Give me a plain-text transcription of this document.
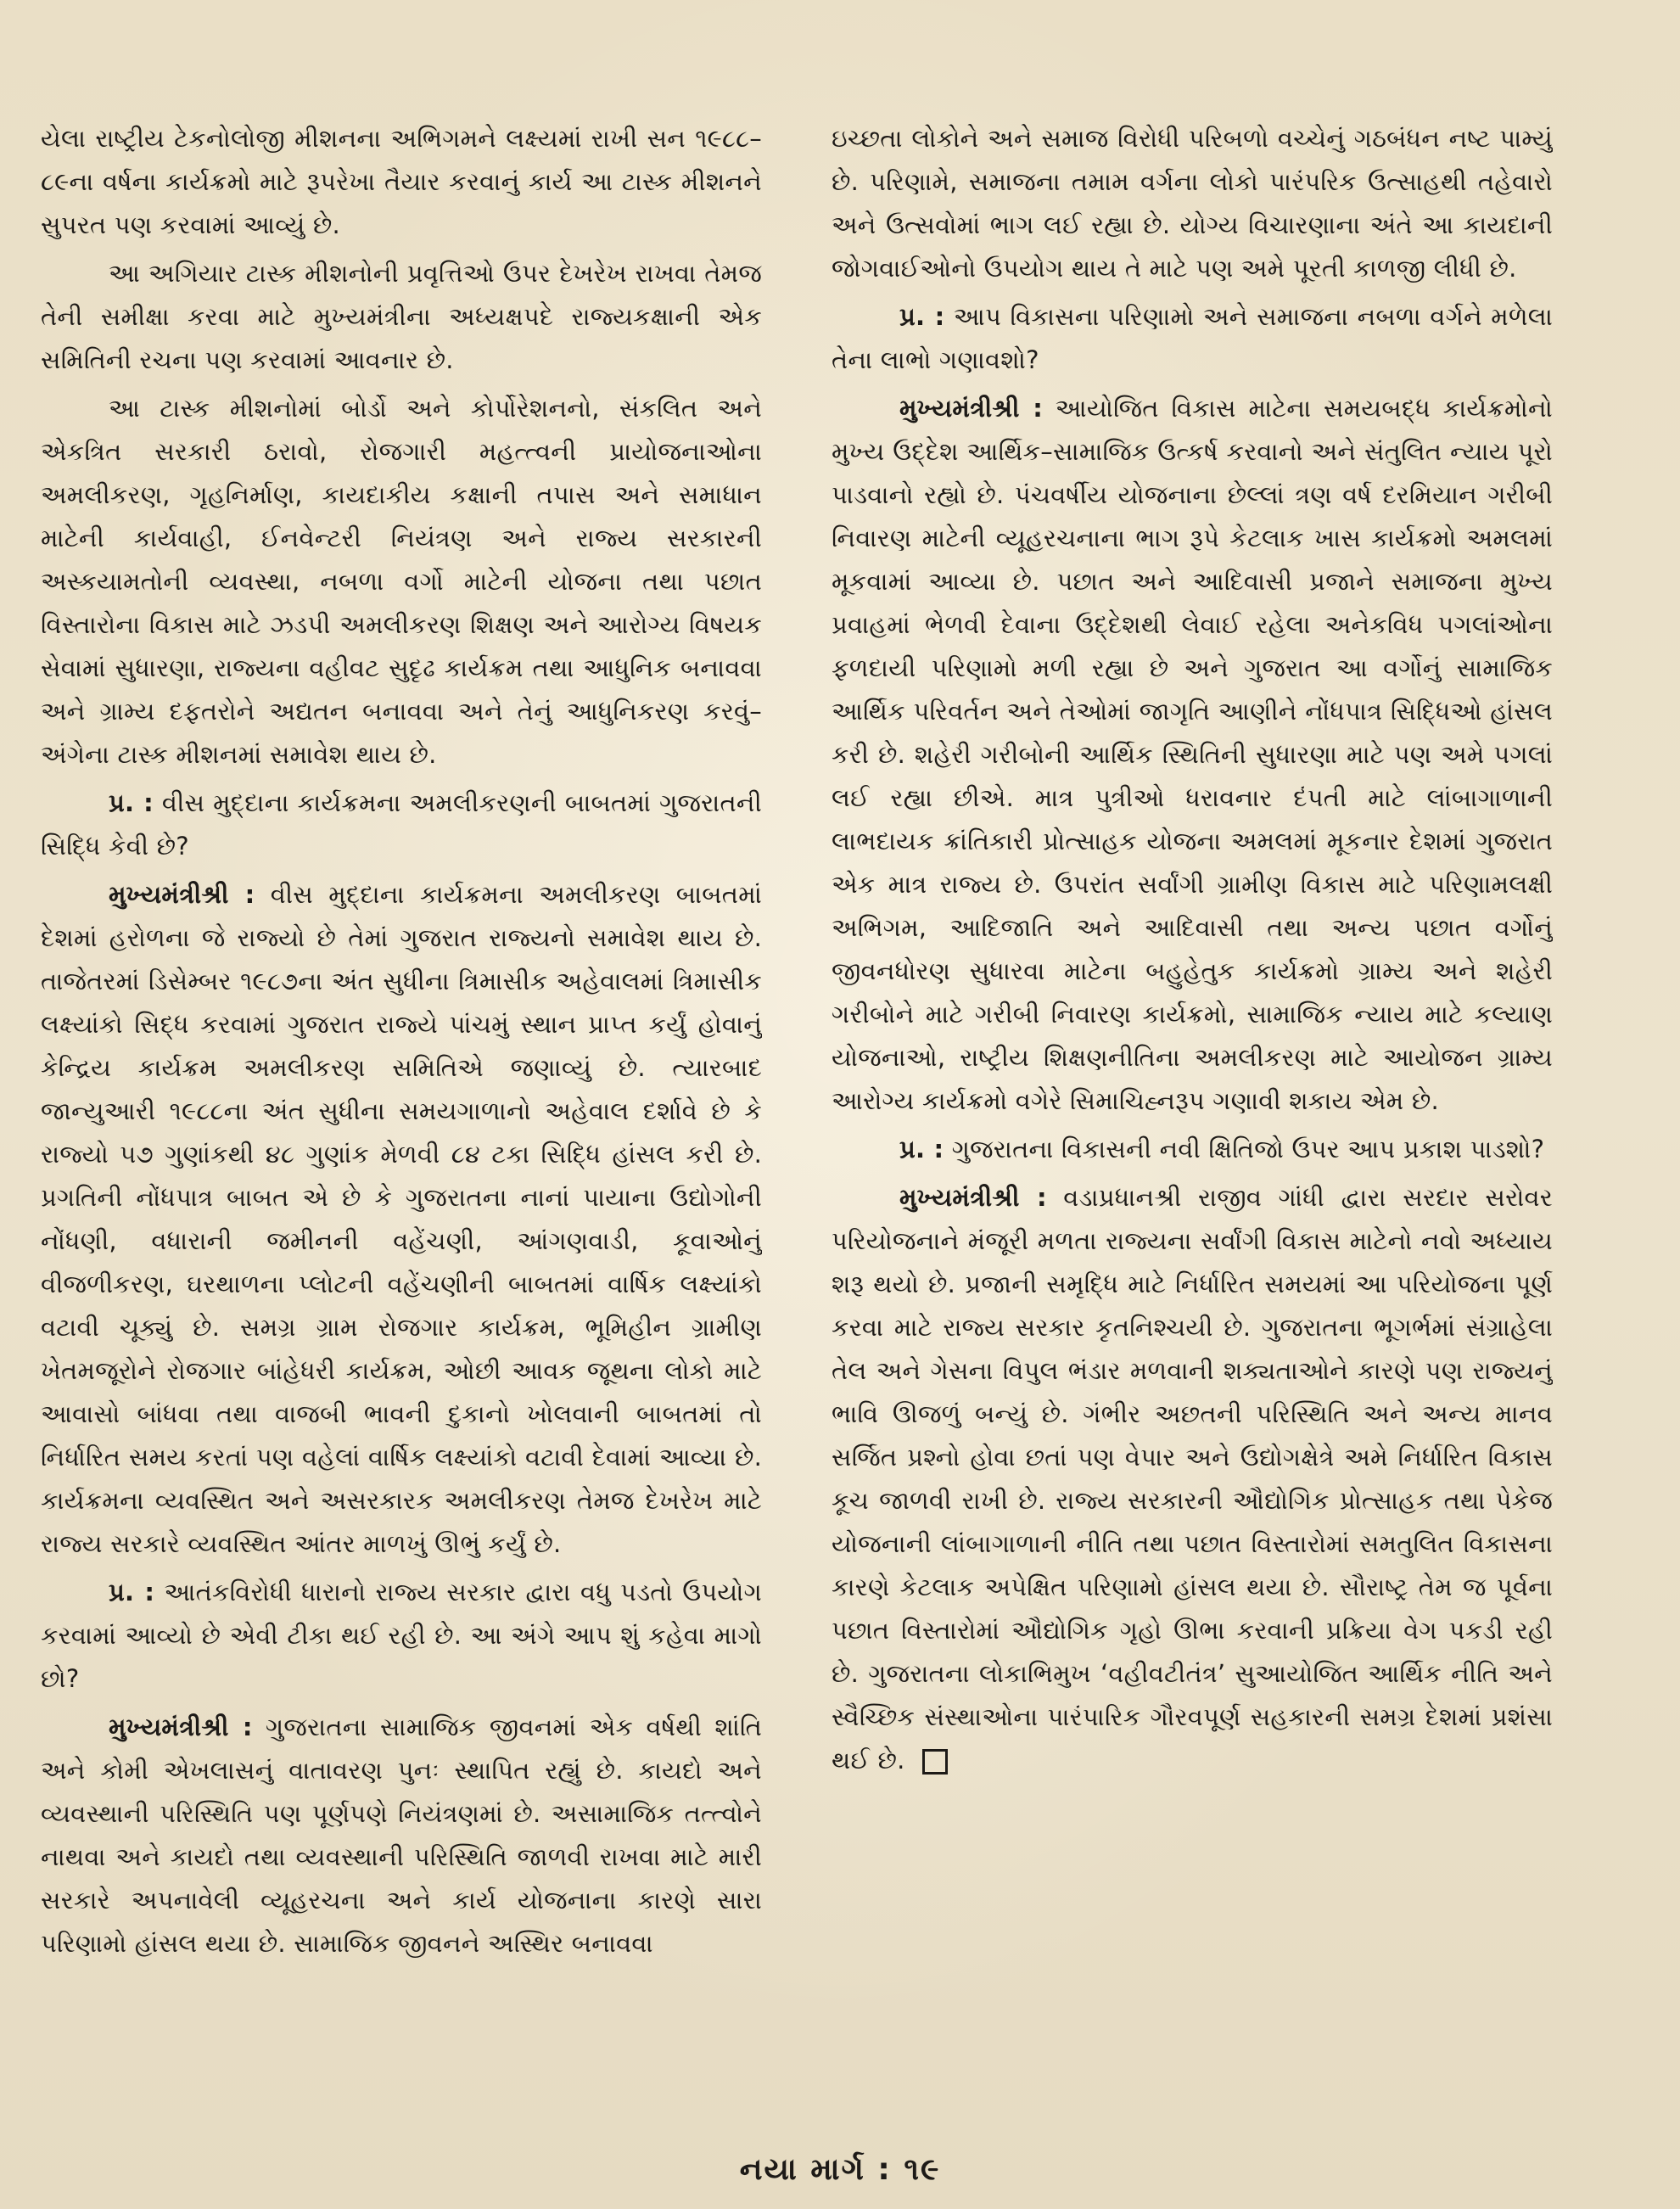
યેલા રાષ્ટ્રીય ટેકનોલોજી મીશનના અભિગમને લક્ષ્યમાં રાખી સન ૧૯૮૮–૮૯ના વર્ષના કાર્યક્રમો માટે રૂપરેખા તૈયાર કરવાનું કાર્ય આ ટાસ્ક મીશનને સુપરત પણ કરવામાં આવ્યું છે.

આ અગિયાર ટાસ્ક મીશનોની પ્રવૃત્તિઓ ઉપર દેખરેખ રાખવા તેમજ તેની સમીક્ષા કરવા માટે મુખ્યમંત્રીના અધ્યક્ષપદે રાજ્યકક્ષાની એક સમિતિની રચના પણ કરવામાં આવનાર છે.

આ ટાસ્ક મીશનોમાં બોર્ડો અને કોર્પોરેશનનો, સંકલિત અને એકત્રિત સરકારી ઠરાવો, રોજગારી મહત્ત્વની પ્રાયોજનાઓના અમલીકરણ, ગૃહનિર્માણ, કાયદાકીય કક્ષાની તપાસ અને સમાધાન માટેની કાર્યવાહી, ઈનવેન્ટરી નિયંત્રણ અને રાજ્ય સરકારની અસ્કયામતોની વ્યવસ્થા, નબળા વર્ગો માટેની યોજના તથા પછાત વિસ્તારોના વિકાસ માટે ઝડપી અમલીકરણ શિક્ષણ અને આરોગ્ય વિષયક સેવામાં સુધારણા, રાજ્યના વહીવટ સુદૃઢ કાર્યક્રમ તથા આધુનિક બનાવવા અને ગ્રામ્ય દફતરોને અદ્યતન બનાવવા અને તેનું આધુનિકરણ કરવું–અંગેના ટાસ્ક મીશનમાં સમાવેશ થાય છે.

પ્ર. : વીસ મુદ્દાના કાર્યક્રમના અમલીકરણની બાબતમાં ગુજરાતની સિદ્ધિ કેવી છે?

મુખ્યમંત્રીશ્રી : વીસ મુદ્દાના કાર્યક્રમના અમલીકરણ બાબતમાં દેશમાં હરોળના જે રાજ્યો છે તેમાં ગુજરાત રાજ્યનો સમાવેશ થાય છે. તાજેતરમાં ડિસેમ્બર ૧૯૮૭ના અંત સુધીના ત્રિમાસીક અહેવાલમાં ત્રિમાસીક લક્ષ્યાંકો સિદ્ધ કરવામાં ગુજરાત રાજ્યે પાંચમું સ્થાન પ્રાપ્ત કર્યું હોવાનું કેન્દ્રિય કાર્યક્રમ અમલીકરણ સમિતિએ જણાવ્યું છે. ત્યારબાદ જાન્યુઆરી ૧૯૮૮ના અંત સુધીના સમયગાળાનો અહેવાલ દર્શાવે છે કે રાજ્યો ૫૭ ગુણાંકથી ૪૮ ગુણાંક મેળવી ૮૪ ટકા સિદ્ધિ હાંસલ કરી છે. પ્રગતિની નોંધપાત્ર બાબત એ છે કે ગુજરાતના નાનાં પાયાના ઉદ્યોગોની નોંધણી, વધારાની જમીનની વહેંચણી, આંગણવાડી, કૂવાઓનું વીજળીકરણ, ઘરથાળના પ્લોટની વહેંચણીની બાબતમાં વાર્ષિક લક્ષ્યાંકો વટાવી ચૂક્યું છે. સમગ્ર ગ્રામ રોજગાર કાર્યક્રમ, ભૂમિહીન ગ્રામીણ ખેતમજૂરોને રોજગાર બાંહેધરી કાર્યક્રમ, ઓછી આવક જૂથના લોકો માટે આવાસો બાંધવા તથા વાજબી ભાવની દુકાનો ખોલવાની બાબતમાં તો નિર્ધારિત સમય કરતાં પણ વહેલાં વાર્ષિક લક્ષ્યાંકો વટાવી દેવામાં આવ્યા છે. કાર્યક્રમના વ્યવસ્થિત અને અસરકારક અમલીકરણ તેમજ દેખરેખ માટે રાજ્ય સરકારે વ્યવસ્થિત આંતર માળખું ઊભું કર્યું છે.

પ્ર. : આતંકવિરોધી ધારાનો રાજ્ય સરકાર દ્વારા વધુ પડતો ઉપયોગ કરવામાં આવ્યો છે એવી ટીકા થઈ રહી છે. આ અંગે આપ શું કહેવા માગો છો?

મુખ્યમંત્રીશ્રી : ગુજરાતના સામાજિક જીવનમાં એક વર્ષથી શાંતિ અને કોમી એખલાસનું વાતાવરણ પુનઃ સ્થાપિત રહ્યું છે. કાયદો અને વ્યવસ્થાની પરિસ્થિતિ પણ પૂર્ણપણે નિયંત્રણમાં છે. અસામાજિક તત્ત્વોને નાથવા અને કાયદો તથા વ્યવસ્થાની પરિસ્થિતિ જાળવી રાખવા માટે મારી સરકારે અપનાવેલી વ્યૂહરચના અને કાર્ય યોજનાના કારણે સારા પરિણામો હાંસલ થયા છે. સામાજિક જીવનને અસ્થિર બનાવવા

ઇચ્છતા લોકોને અને સમાજ વિરોધી પરિબળો વચ્ચેનું ગઠબંધન નષ્ટ પામ્યું છે. પરિણામે, સમાજના તમામ વર્ગના લોકો પારંપરિક ઉત્સાહથી તહેવારો અને ઉત્સવોમાં ભાગ લઈ રહ્યા છે. યોગ્ય વિચારણાના અંતે આ કાયદાની જોગવાઈઓનો ઉપયોગ થાય તે માટે પણ અમે પૂરતી કાળજી લીધી છે.

પ્ર. : આપ વિકાસના પરિણામો અને સમાજના નબળા વર્ગને મળેલા તેના લાભો ગણાવશો?

મુખ્યમંત્રીશ્રી : આયોજિત વિકાસ માટેના સમયબદ્ધ કાર્યક્રમોનો મુખ્ય ઉદ્દેશ આર્થિક–સામાજિક ઉત્કર્ષ કરવાનો અને સંતુલિત ન્યાય પૂરો પાડવાનો રહ્યો છે. પંચવર્ષીય યોજનાના છેલ્લાં ત્રણ વર્ષ દરમિયાન ગરીબી નિવારણ માટેની વ્યૂહરચનાના ભાગ રૂપે કેટલાક ખાસ કાર્યક્રમો અમલમાં મૂકવામાં આવ્યા છે. પછાત અને આદિવાસી પ્રજાને સમાજના મુખ્ય પ્રવાહમાં ભેળવી દેવાના ઉદ્દેશથી લેવાઈ રહેલા અનેકવિધ પગલાંઓના ફળદાયી પરિણામો મળી રહ્યા છે અને ગુજરાત આ વર્ગોનું સામાજિક આર્થિક પરિવર્તન અને તેઓમાં જાગૃતિ આણીને નોંધપાત્ર સિદ્ધિઓ હાંસલ કરી છે. શહેરી ગરીબોની આર્થિક સ્થિતિની સુધારણા માટે પણ અમે પગલાં લઈ રહ્યા છીએ. માત્ર પુત્રીઓ ધરાવનાર દંપતી માટે લાંબાગાળાની લાભદાયક ક્રાંતિકારી પ્રોત્સાહક યોજના અમલમાં મૂકનાર દેશમાં ગુજરાત એક માત્ર રાજ્ય છે. ઉપરાંત સર્વાંગી ગ્રામીણ વિકાસ માટે પરિણામલક્ષી અભિગમ, આદિજાતિ અને આદિવાસી તથા અન્ય પછાત વર્ગોનું જીવનધોરણ સુધારવા માટેના બહુહેતુક કાર્યક્રમો ગ્રામ્ય અને શહેરી ગરીબોને માટે ગરીબી નિવારણ કાર્યક્રમો, સામાજિક ન્યાય માટે કલ્યાણ યોજનાઓ, રાષ્ટ્રીય શિક્ષણનીતિના અમલીકરણ માટે આયોજન ગ્રામ્ય આરોગ્ય કાર્યક્રમો વગેરે સિમાચિહ્નરૂપ ગણાવી શકાય એમ છે.

પ્ર. : ગુજરાતના વિકાસની નવી ક્ષિતિજો ઉપર આપ પ્રકાશ પાડશો?

મુખ્યમંત્રીશ્રી : વડાપ્રધાનશ્રી રાજીવ ગાંધી દ્વારા સરદાર સરોવર પરિયોજનાને મંજૂરી મળતા રાજ્યના સર્વાંગી વિકાસ માટેનો નવો અધ્યાય શરૂ થયો છે. પ્રજાની સમૃદ્ધિ માટે નિર્ધારિત સમયમાં આ પરિયોજના પૂર્ણ કરવા માટે રાજ્ય સરકાર કૃતનિશ્ચયી છે. ગુજરાતના ભૂગર્ભમાં સંગ્રાહેલા તેલ અને ગેસના વિપુલ ભંડાર મળવાની શક્યતાઓને કારણે પણ રાજ્યનું ભાવિ ઊજળું બન્યું છે. ગંભીર અછતની પરિસ્થિતિ અને અન્ય માનવ સર્જિત પ્રશ્નો હોવા છતાં પણ વેપાર અને ઉદ્યોગક્ષેત્રે અમે નિર્ધારિત વિકાસ કૂચ જાળવી રાખી છે. રાજ્ય સરકારની ઔદ્યોગિક પ્રોત્સાહક તથા પેકેજ યોજનાની લાંબાગાળાની નીતિ તથા પછાત વિસ્તારોમાં સમતુલિત વિકાસના કારણે કેટલાક અપેક્ષિત પરિણામો હાંસલ થયા છે. સૌરાષ્ટ્ર તેમ જ પૂર્વના પછાત વિસ્તારોમાં ઔદ્યોગિક ગૃહો ઊભા કરવાની પ્રક્રિયા વેગ પકડી રહી છે. ગુજરાતના લોકાભિમુખ ‘વહીવટીતંત્ર’ સુઆયોજિત આર્થિક નીતિ અને સ્વૈચ્છિક સંસ્થાઓના પારંપારિક ગૌરવપૂર્ણ સહકારની સમગ્ર દેશમાં પ્રશંસા થઈ છે.

નયા માર્ગ : ૧૯
